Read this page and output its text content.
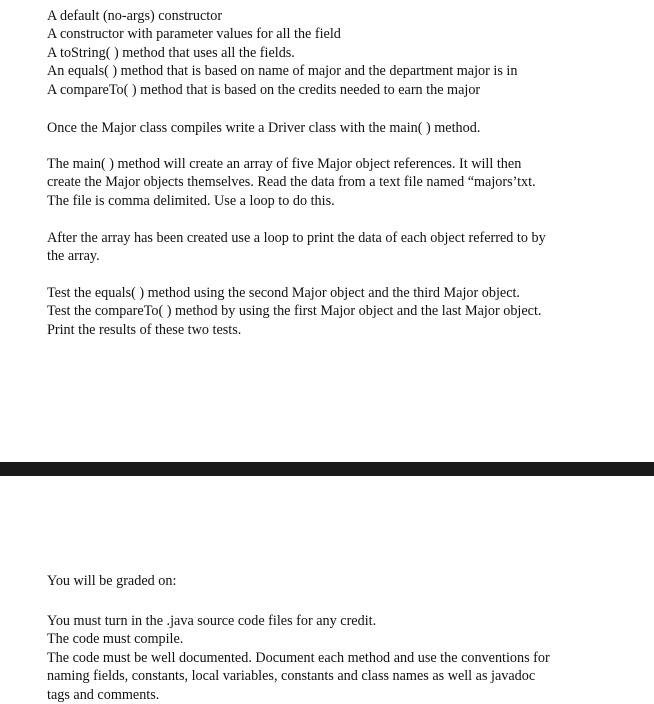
A default (no-args) constructor
A constructor with parameter values for all the field
A toString( ) method that uses all the fields.
An equals( ) method that is based on name of major and the department major is in
A compareTo( ) method that is based on the credits needed to earn the major
Once the Major class compiles write a Driver class with the main( ) method.
The main( ) method will create an array of five Major object references. It will then
create the Major objects themselves. Read the data from a text file named “majors’txt.
The file is comma delimited. Use a loop to do this.
After the array has been created use a loop to print the data of each object referred to by
the array.
Test the equals( ) method using the second Major object and the third Major object.
Test the compareTo( ) method by using the first Major object and the last Major object.
Print the results of these two tests.
You will be graded on:
You must turn in the .java source code files for any credit.
The code must compile.
The code must be well documented. Document each method and use the conventions for
naming fields, constants, local variables, constants and class names as well as javadoc
tags and comments.
